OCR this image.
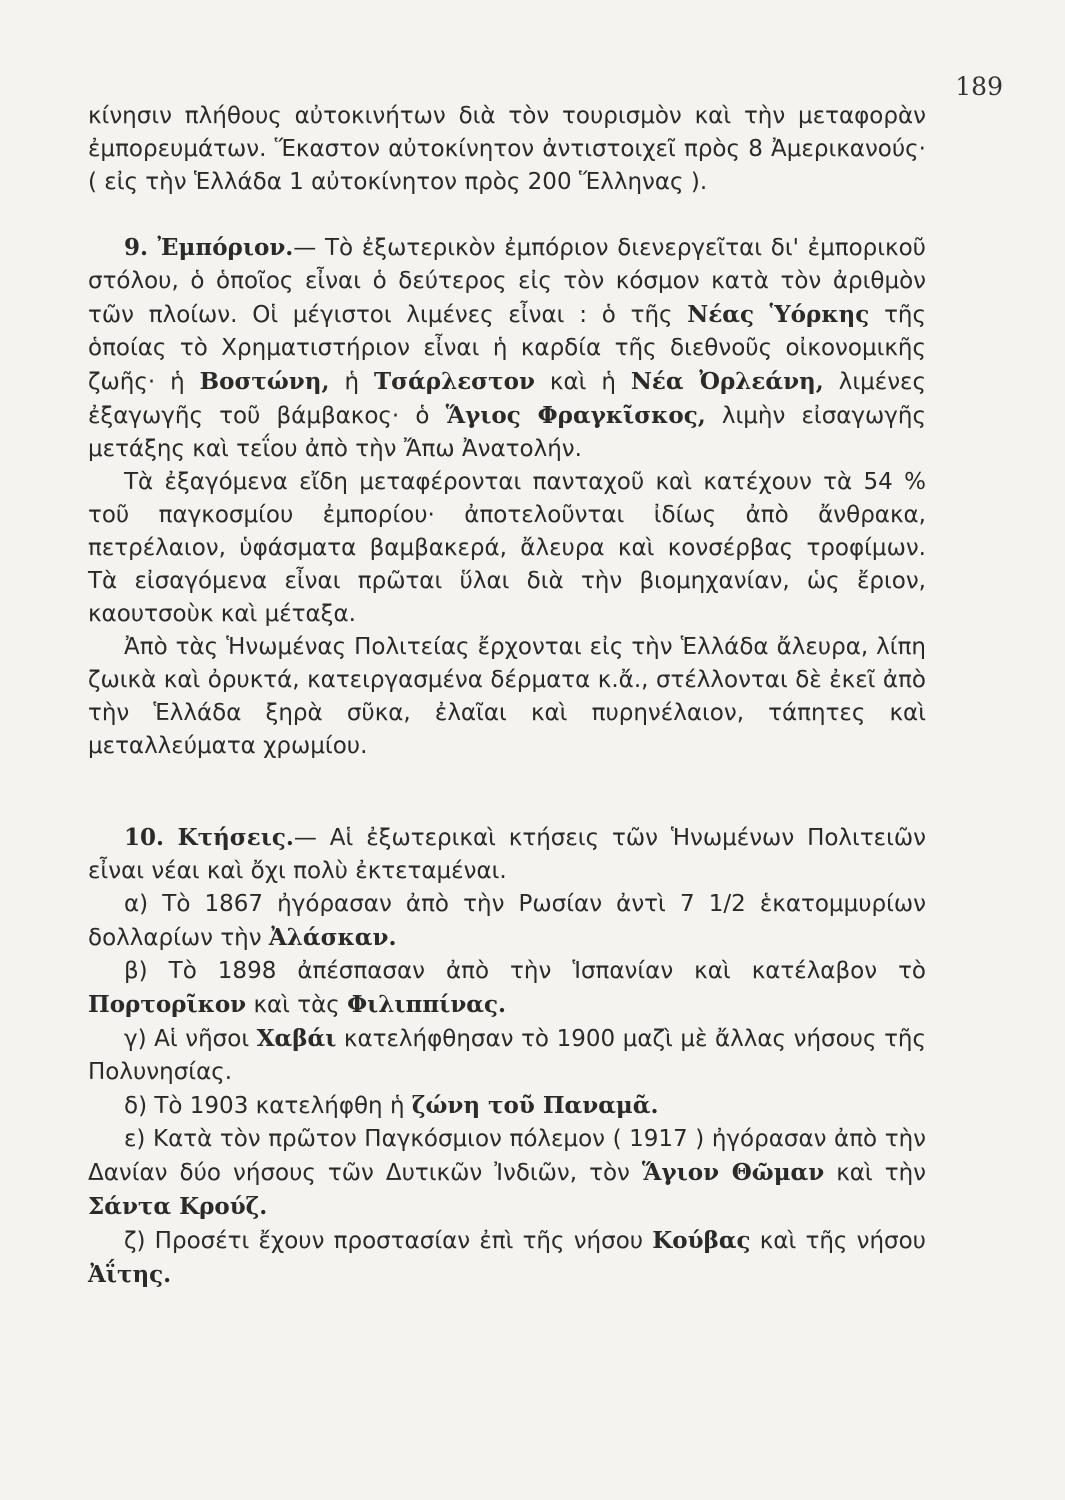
189

κίνησιν πλήθους αὐτοκινήτων διὰ τὸν τουρισμὸν καὶ τὴν μεταφορὰν ἐμπορευμάτων. Ἕκαστον αὐτοκίνητον ἀντιστοιχεῖ πρὸς 8 Ἀμερικανούς· ( εἰς τὴν Ἑλλάδα 1 αὐτοκίνητον πρὸς 200 Ἕλληνας ).

9. Ἐμπόριον.— Τὸ ἐξωτερικὸν ἐμπόριον διενεργεῖται δι' ἐμπορικοῦ στόλου, ὁ ὁποῖος εἶναι ὁ δεύτερος εἰς τὸν κόσμον κατὰ τὸν ἀριθμὸν τῶν πλοίων. Οἱ μέγιστοι λιμένες εἶναι : ὁ τῆς Νέας Ὑόρκης τῆς ὁποίας τὸ Χρηματιστήριον εἶναι ἡ καρδία τῆς διεθνοῦς οἰκονομικῆς ζωῆς· ἡ Βοστώνη, ἡ Τσάρλεστον καὶ ἡ Νέα Ὀρλεάνη, λιμένες ἐξαγωγῆς τοῦ βάμβακος· ὁ Ἅγιος Φραγκῖσκος, λιμὴν εἰσαγωγῆς μετάξης καὶ τεΐου ἀπὸ τὴν Ἄπω Ἀνατολήν.

Τὰ ἐξαγόμενα εἴδη μεταφέρονται πανταχοῦ καὶ κατέχουν τὰ 54 % τοῦ παγκοσμίου ἐμπορίου· ἀποτελοῦνται ἰδίως ἀπὸ ἄνθρακα, πετρέλαιον, ὑφάσματα βαμβακερά, ἄλευρα καὶ κονσέρβας τροφίμων. Τὰ εἰσαγόμενα εἶναι πρῶται ὕλαι διὰ τὴν βιομηχανίαν, ὡς ἔριον, καουτσοὺκ καὶ μέταξα.

Ἀπὸ τὰς Ἡνωμένας Πολιτείας ἔρχονται εἰς τὴν Ἑλλάδα ἄλευρα, λίπη ζωικὰ καὶ ὀρυκτά, κατειργασμένα δέρματα κ.ἄ., στέλλονται δὲ ἐκεῖ ἀπὸ τὴν Ἑλλάδα ξηρὰ σῦκα, ἐλαῖαι καὶ πυρηνέλαιον, τάπητες καὶ μεταλλεύματα χρωμίου.

10. Κτήσεις.— Αἱ ἐξωτερικαὶ κτήσεις τῶν Ἡνωμένων Πολιτειῶν εἶναι νέαι καὶ ὄχι πολὺ ἐκτεταμέναι.

α) Τὸ 1867 ἠγόρασαν ἀπὸ τὴν Ρωσίαν ἀντὶ 7 1/2 ἑκατομμυρίων δολλαρίων τὴν Ἀλάσκαν.

β) Τὸ 1898 ἀπέσπασαν ἀπὸ τὴν Ἱσπανίαν καὶ κατέλαβον τὸ Πορτορῖκον καὶ τὰς Φιλιππίνας.

γ) Αἱ νῆσοι Χαβάι κατελήφθησαν τὸ 1900 μαζὶ μὲ ἄλλας νήσους τῆς Πολυνησίας.

δ) Τὸ 1903 κατελήφθη ἡ ζώνη τοῦ Παναμᾶ.

ε) Κατὰ τὸν πρῶτον Παγκόσμιον πόλεμον ( 1917 ) ἠγόρασαν ἀπὸ τὴν Δανίαν δύο νήσους τῶν Δυτικῶν Ἰνδιῶν, τὸν Ἅγιον Θῶμαν καὶ τὴν Σάντα Κρούζ.

ζ) Προσέτι ἔχουν προστασίαν ἐπὶ τῆς νήσου Κούβας καὶ τῆς νήσου Ἀΐτης.
